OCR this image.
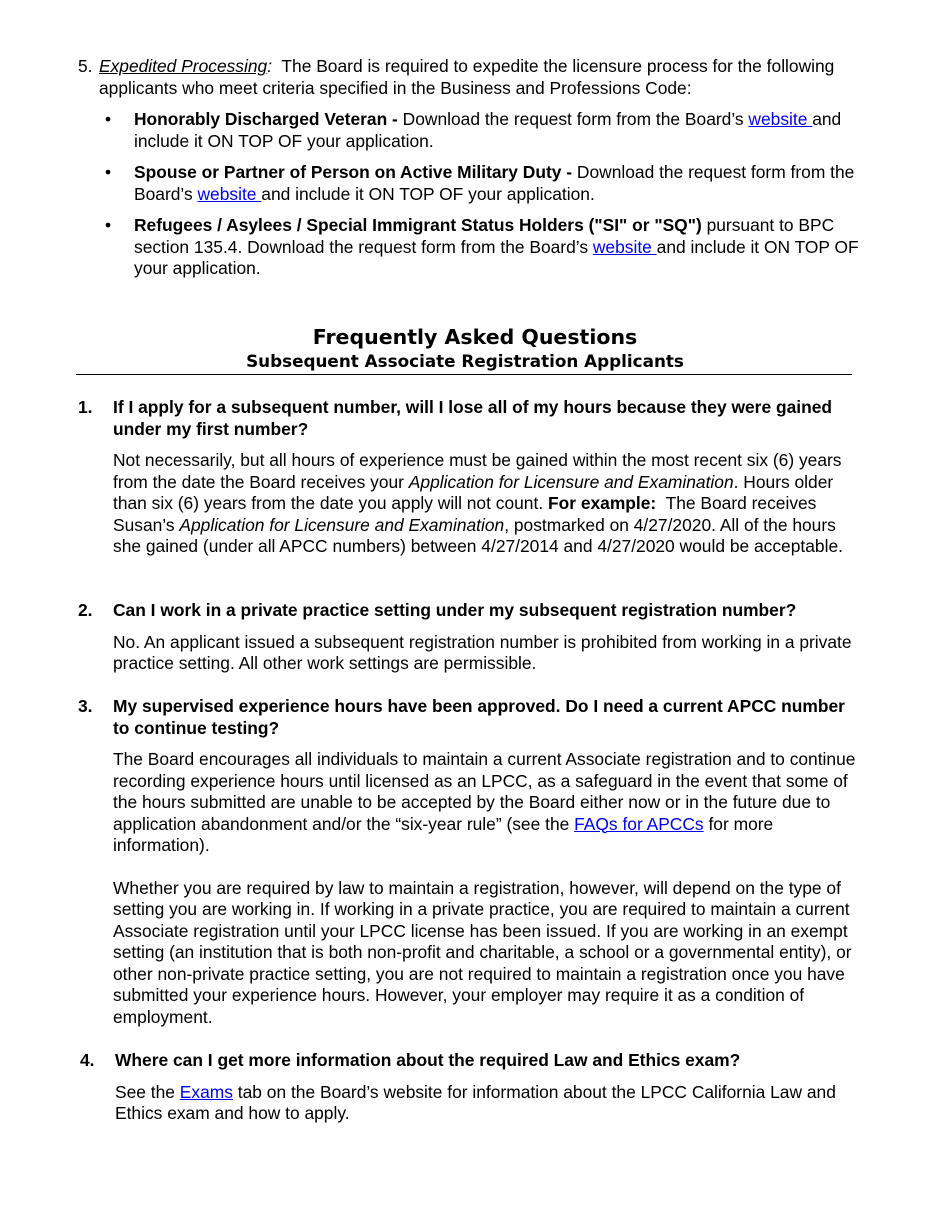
5. Expedited Processing:  The Board is required to expedite the licensure process for the following applicants who meet criteria specified in the Business and Professions Code:
• Honorably Discharged Veteran - Download the request form from the Board’s website and include it ON TOP OF your application.
• Spouse or Partner of Person on Active Military Duty - Download the request form from the Board’s website and include it ON TOP OF your application.
• Refugees / Asylees / Special Immigrant Status Holders ("SI" or "SQ") pursuant to BPC section 135.4. Download the request form from the Board’s website and include it ON TOP OF your application.
Frequently Asked Questions
Subsequent Associate Registration Applicants
1. If I apply for a subsequent number, will I lose all of my hours because they were gained under my first number?
Not necessarily, but all hours of experience must be gained within the most recent six (6) years from the date the Board receives your Application for Licensure and Examination. Hours older than six (6) years from the date you apply will not count. For example:  The Board receives Susan’s Application for Licensure and Examination, postmarked on 4/27/2020. All of the hours she gained (under all APCC numbers) between 4/27/2014 and 4/27/2020 would be acceptable.
2. Can I work in a private practice setting under my subsequent registration number?
No. An applicant issued a subsequent registration number is prohibited from working in a private practice setting. All other work settings are permissible.
3. My supervised experience hours have been approved. Do I need a current APCC number to continue testing?

The Board encourages all individuals to maintain a current Associate registration and to continue recording experience hours until licensed as an LPCC, as a safeguard in the event that some of the hours submitted are unable to be accepted by the Board either now or in the future due to application abandonment and/or the “six-year rule” (see the FAQs for APCCs for more information).

Whether you are required by law to maintain a registration, however, will depend on the type of setting you are working in. If working in a private practice, you are required to maintain a current Associate registration until your LPCC license has been issued. If you are working in an exempt setting (an institution that is both non-profit and charitable, a school or a governmental entity), or other non-private practice setting, you are not required to maintain a registration once you have submitted your experience hours. However, your employer may require it as a condition of employment.

4. Where can I get more information about the required Law and Ethics exam?
See the Exams tab on the Board’s website for information about the LPCC California Law and Ethics exam and how to apply.
